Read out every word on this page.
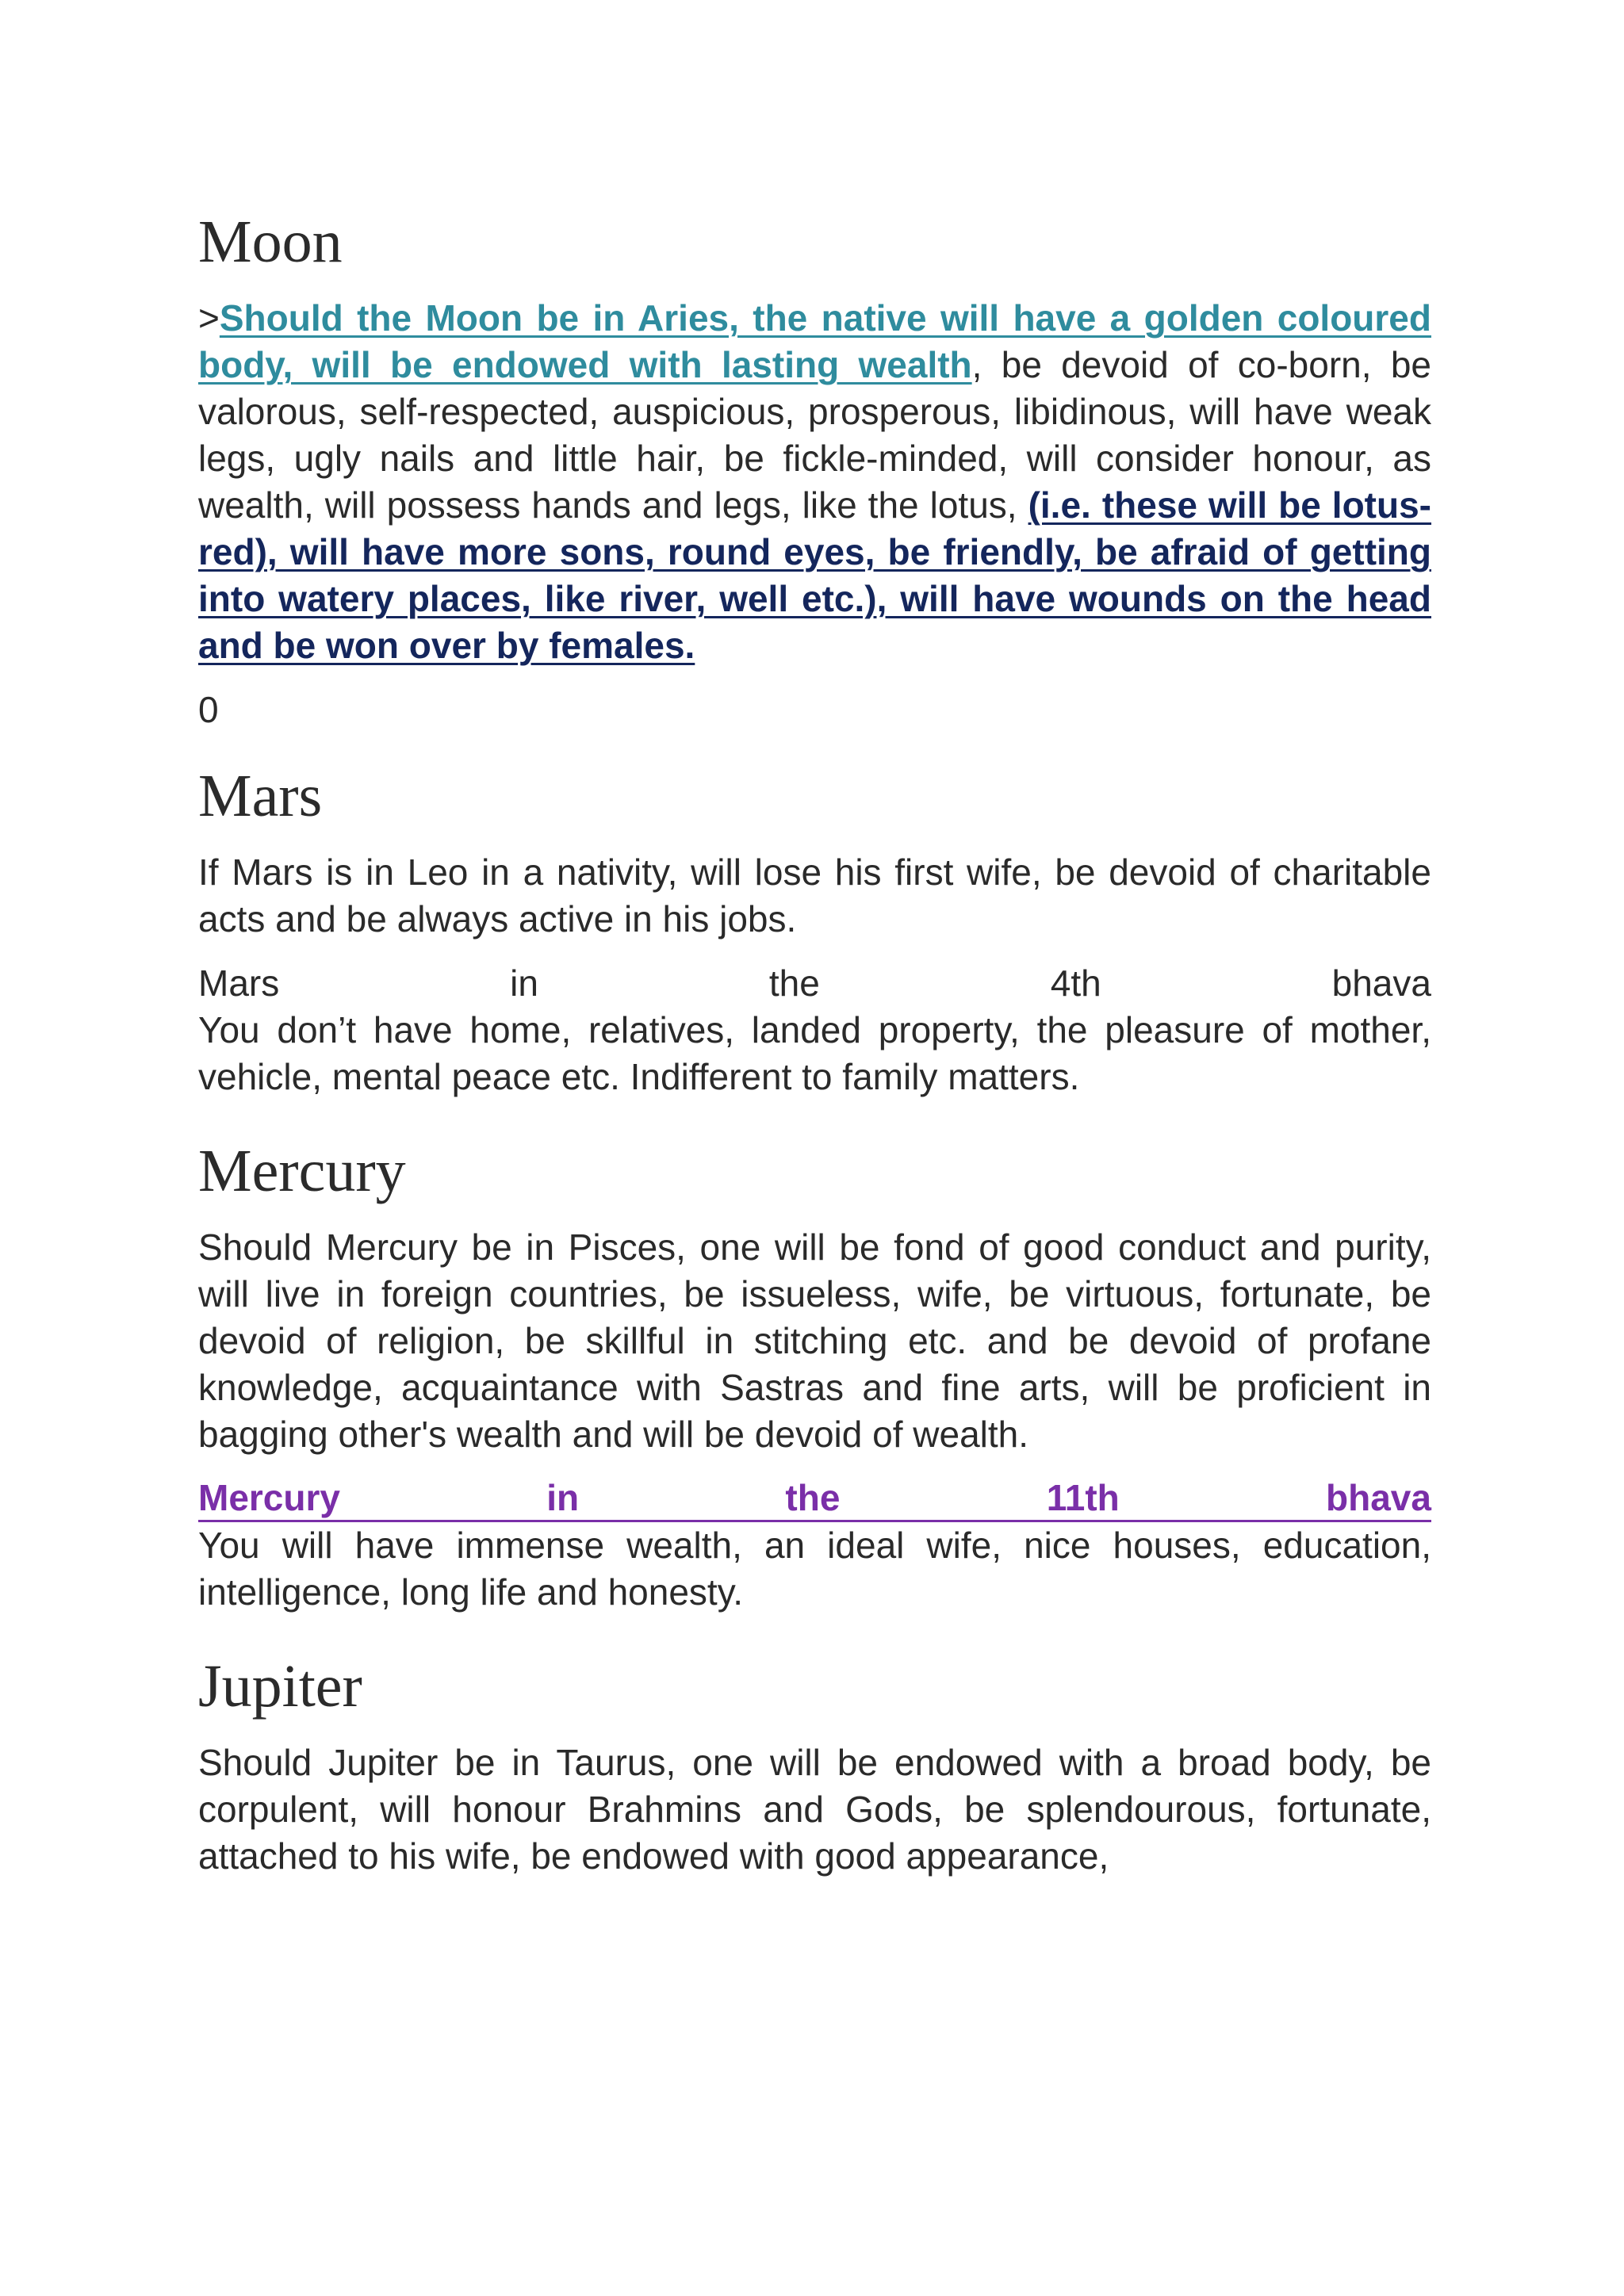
Moon

>Should the Moon be in Aries, the native will have a golden coloured body, will be endowed with lasting wealth, be devoid of co-born, be valorous, self-respected, auspicious, prosperous, libidinous, will have weak legs, ugly nails and little hair, be fickle-minded, will consider honour, as wealth, will possess hands and legs, like the lotus, (i.e. these will be lotus-red), will have more sons, round eyes, be friendly, be afraid of getting into watery places, like river, well etc.), will have wounds on the head and be won over by females.

0

Mars

If Mars is in Leo in a nativity, will lose his first wife, be devoid of charitable acts and be always active in his jobs.

Mars	in	the	4th	bhava

You don’t have home, relatives, landed property, the pleasure of mother, vehicle, mental peace etc. Indifferent to family matters.

Mercury

Should Mercury be in Pisces, one will be fond of good conduct and purity, will live in foreign countries, be issueless, wife, be virtuous, fortunate, be devoid of religion, be skillful in stitching etc. and be devoid of profane knowledge, acquaintance with Sastras and fine arts, will be proficient in bagging other's wealth and will be devoid of wealth.

Mercury	in	the	11th	bhava

You will have immense wealth, an ideal wife, nice houses, education, intelligence, long life and honesty.

Jupiter

Should Jupiter be in Taurus, one will be endowed with a broad body, be corpulent, will honour Brahmins and Gods, be splendourous, fortunate, attached to his wife, be endowed with good appearance,
